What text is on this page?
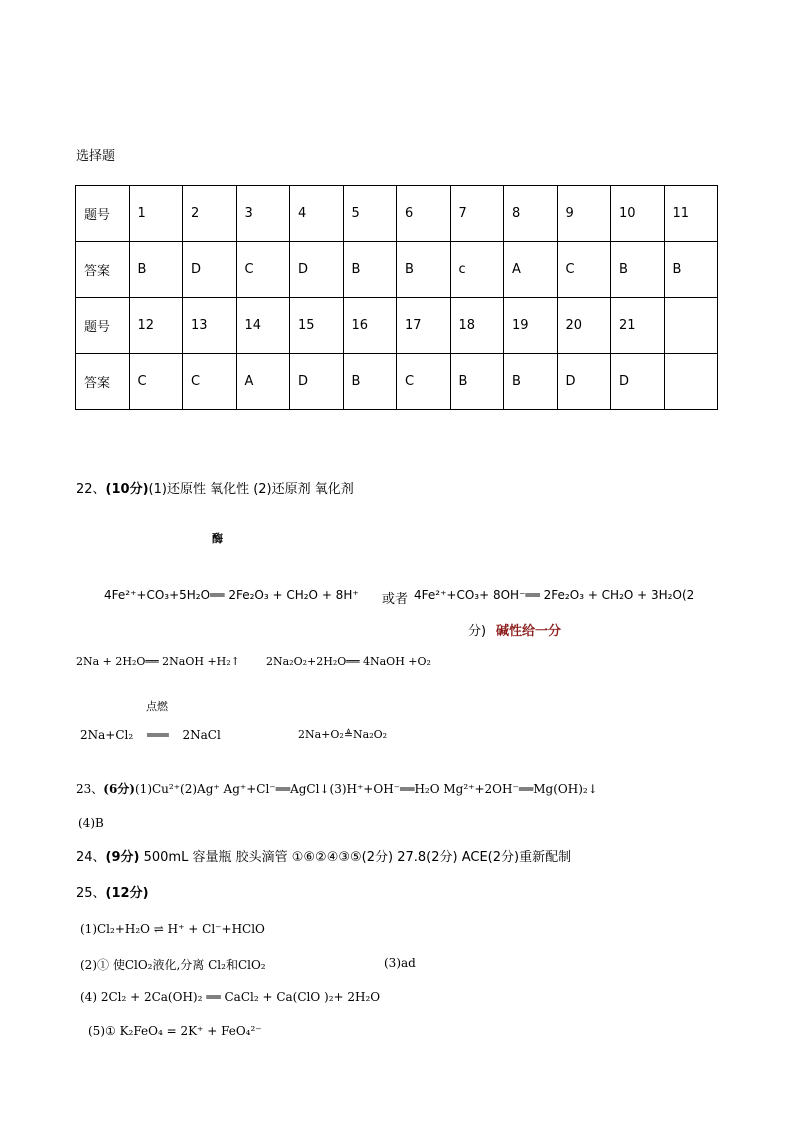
选择题
题号	1	2	3	4	5	6	7	8	9	10	11
答案	B	D	C	D	B	B	c	A	C	B	B
题号	12	13	14	15	16	17	18	19	20	21	
答案	C	C	A	D	B	C	B	B	D	D	
22、(10分)(1)还原性 氧化性 (2)还原剂 氧化剂
酶
4Fe²⁺+CO₃+5H₂O══ 2Fe₂O₃ + CH₂O + 8H⁺ 或者 4Fe²⁺+CO₃+ 8OH⁻══ 2Fe₂O₃ + CH₂O + 3H₂O(2
分) 碱性给一分
2Na + 2H₂O══ 2NaOH +H₂↑ 2Na₂O₂+2H₂O══ 4NaOH +O₂
点燃
2Na+Cl₂ ═══ 2NaCl	2Na+O₂≜Na₂O₂
23、(6分)(1)Cu²⁺(2)Ag⁺ Ag⁺+Cl⁻══AgCl↓(3)H⁺+OH⁻══H₂O Mg²⁺+2OH⁻══Mg(OH)₂↓
(4)B
24、(9分) 500mL 容量瓶 胶头滴管 ①⑥②④③⑤(2分) 27.8(2分) ACE(2分)重新配制
25、(12分)
(1)Cl₂+H₂O ⇌ H⁺ + Cl⁻+HClO
(2)① 使ClO₂液化,分离 Cl₂和ClO₂	(3)ad
(4) 2Cl₂ + 2Ca(OH)₂ ══ CaCl₂ + Ca(ClO )₂+ 2H₂O
(5)① K₂FeO₄ = 2K⁺ + FeO₄²⁻
